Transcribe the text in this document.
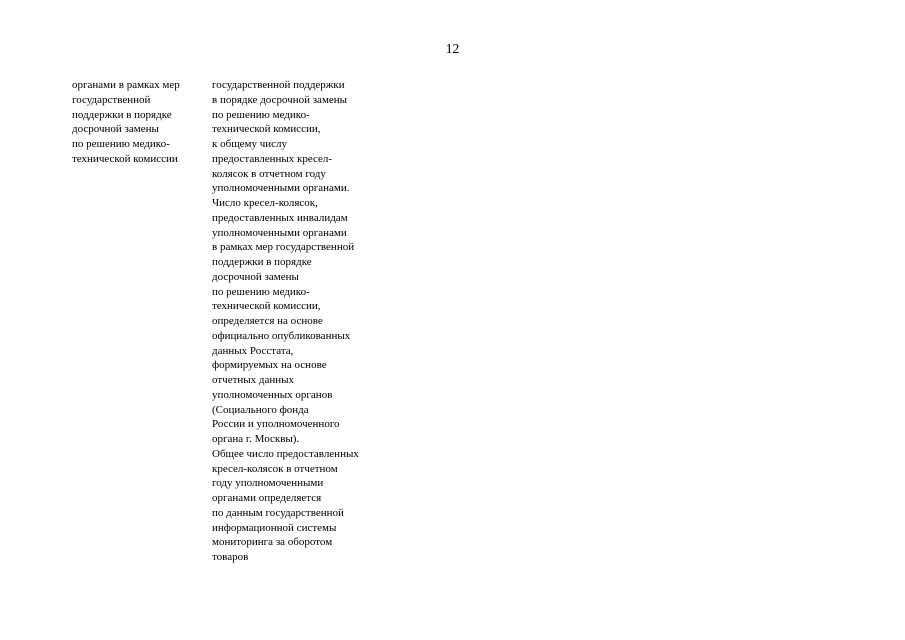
12
органами в рамках мер
государственной
поддержки в порядке
досрочной замены
по решению медико-
технической комиссии
государственной поддержки
в порядке досрочной замены
по решению медико-
технической комиссии,
к общему числу
предоставленных кресел-
колясок в отчетном году
уполномоченными органами.
Число кресел-колясок,
предоставленных инвалидам
уполномоченными органами
в рамках мер государственной
поддержки в порядке
досрочной замены
по решению медико-
технической комиссии,
определяется на основе
официально опубликованных
данных Росстата,
формируемых на основе
отчетных данных
уполномоченных органов
(Социального фонда
России и уполномоченного
органа г. Москвы).
Общее число предоставленных
кресел-колясок в отчетном
году уполномоченными
органами определяется
по данным государственной
информационной системы
мониторинга за оборотом
товаров
